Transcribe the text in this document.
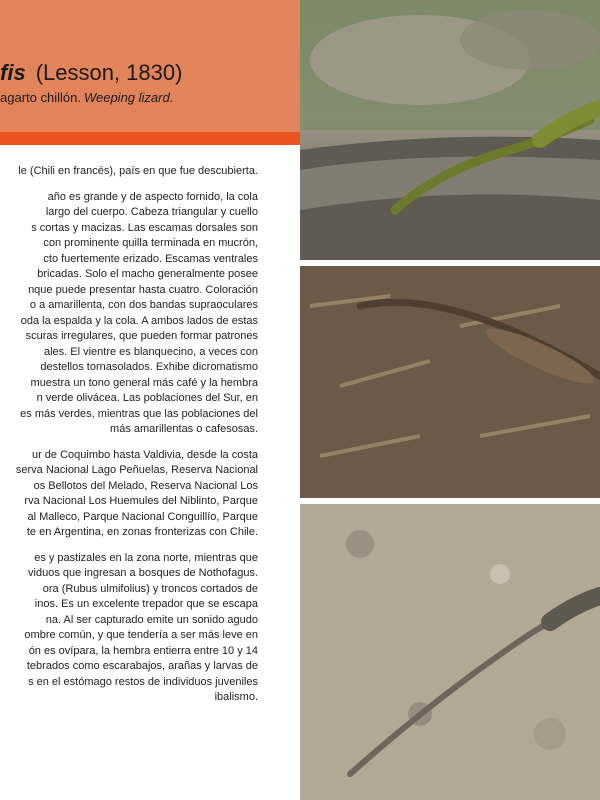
fis (Lesson, 1830)
agarto chillón. Weeping lizard.

le (Chili en francés), país en que fue descubierta.

año es grande y de aspecto fornido, la cola
largo del cuerpo. Cabeza triangular y cuello
s cortas y macizas. Las escamas dorsales son
con prominente quilla terminada en mucrón,
cto fuertemente erizado. Escamas ventrales
bricadas. Solo el macho generalmente posee
nque puede presentar hasta cuatro. Coloración
o a amarillenta, con dos bandas supraoculares
oda la espalda y la cola. A ambos lados de estas
scuras irregulares, que pueden formar patrones
ales. El vientre es blanquecino, a veces con
destellos tornasolados. Exhibe dicromatismo
muestra un tono general más café y la hembra
n verde olivácea. Las poblaciones del Sur, en
es más verdes, mientras que las poblaciones del
más amarillentas o cafesosas.

ur de Coquimbo hasta Valdivia, desde la costa
serva Nacional Lago Peñuelas, Reserva Nacional
os Bellotos del Melado, Reserva Nacional Los
rva Nacional Los Huemules del Niblinto, Parque
al Malleco, Parque Nacional Conguillío, Parque
te en Argentina, en zonas fronterizas con Chile.

es y pastizales en la zona norte, mientras que
viduos que ingresan a bosques de Nothofagus.
ora (Rubus ulmifolius) y troncos cortados de
inos. Es un excelente trepador que se escapa
na. Al ser capturado emite un sonido agudo
ombre común, y que tendería a ser más leve en
ón es ovípara, la hembra entierra entre 10 y 14
tebrados como escarabajos, arañas y larvas de
s en el estómago restos de individuos juveniles
ibalismo.
